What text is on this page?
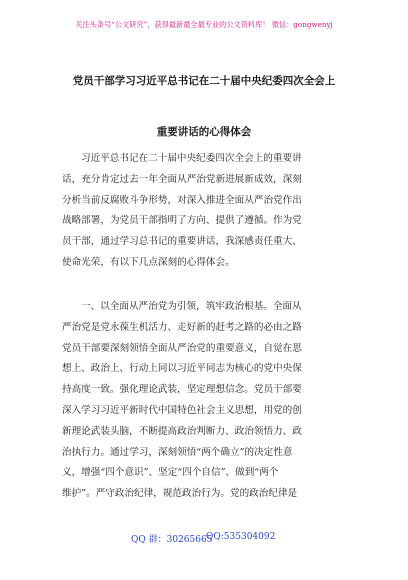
关注头条号“公文研究”，获得最新最全最专业的公文资料库！ 微信：gongwenyj
党员干部学习习近平总书记在二十届中央纪委四次全会上
重要讲话的心得体会
习近平总书记在二十届中央纪委四次全会上的重要讲
话，充分肯定过去一年全面从严治党新进展新成效，深刻
分析当前反腐败斗争形势，对深入推进全面从严治党作出
战略部署，为党员干部指明了方向、提供了遵循。作为党
员干部，通过学习总书记的重要讲话，我深感责任重大、
使命光荣，有以下几点深刻的心得体会。
一、以全面从严治党为引领，筑牢政治根基。全面从
严治党是党永葆生机活力、走好新的赶考之路的必由之路
党员干部要深刻领悟全面从严治党的重要意义，自觉在思
想上、政治上、行动上同以习近平同志为核心的党中央保
持高度一致。强化理论武装，坚定理想信念。党员干部要
深入学习习近平新时代中国特色社会主义思想，用党的创
新理论武装头脑，不断提高政治判断力、政治领悟力、政
治执行力。通过学习，深刻领悟“两个确立”的决定性意
义，增强“四个意识”、坚定“四个自信”、做到“两个
维护”。严守政治纪律，规范政治行为。党的政治纪律是
QQ 群：30265665
QQ:535304092
